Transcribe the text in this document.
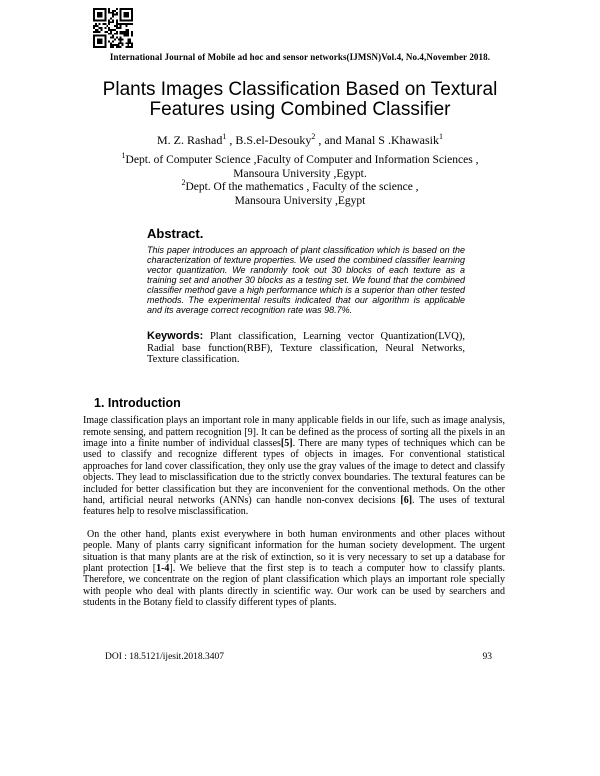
International Journal of Mobile ad hoc and sensor networks(IJMSN)Vol.4, No.4,November 2018.
Plants Images Classification Based on Textural Features using Combined Classifier
M. Z. Rashad$^1$ , B.S.el-Desouky$^2$ , and Manal S .Khawasik$^1$
$^1$Dept. of Computer Science ,Faculty of Computer and Information Sciences ,
Mansoura University ,Egypt.
$^2$Dept. Of the mathematics , Faculty of the science ,
Mansoura University ,Egypt
Abstract.
This paper introduces an approach of plant classification which is based on the characterization of texture properties. We used the combined classifier learning vector quantization. We randomly took out 30 blocks of each texture as a training set and another 30 blocks as a testing set. We found that the combined classifier method gave a high performance which is a superior than other tested methods. The experimental results indicated that our algorithm is applicable and its average correct recognition rate was 98.7%.
Keywords: Plant classification, Learning vector Quantization(LVQ), Radial base function(RBF), Texture classification, Neural Networks, Texture classification.
1. Introduction

Image classification plays an important role in many applicable fields in our life, such as image analysis, remote sensing, and pattern recognition [9]. It can be defined as the process of sorting all the pixels in an image into a finite number of individual classes[5]. There are many types of techniques which can be used to classify and recognize different types of objects in images. For conventional statistical approaches for land cover classification, they only use the gray values of the image to detect and classify objects. They lead to misclassification due to the strictly convex boundaries. The textural features can be included for better classification but they are inconvenient for the conventional methods. On the other hand, artificial neural networks (ANNs) can handle non-convex decisions [6]. The uses of textural features help to resolve misclassification.

On the other hand, plants exist everywhere in both human environments and other places without people. Many of plants carry significant information for the human society development. The urgent situation is that many plants are at the risk of extinction, so it is very necessary to set up a database for plant protection [1-4]. We believe that the first step is to teach a computer how to classify plants. Therefore, we concentrate on the region of plant classification which plays an important role specially with people who deal with plants directly in scientific way. Our work can be used by searchers and students in the Botany field to classify different types of plants.

DOI : 18.5121/ijesit.2018.3407	93
